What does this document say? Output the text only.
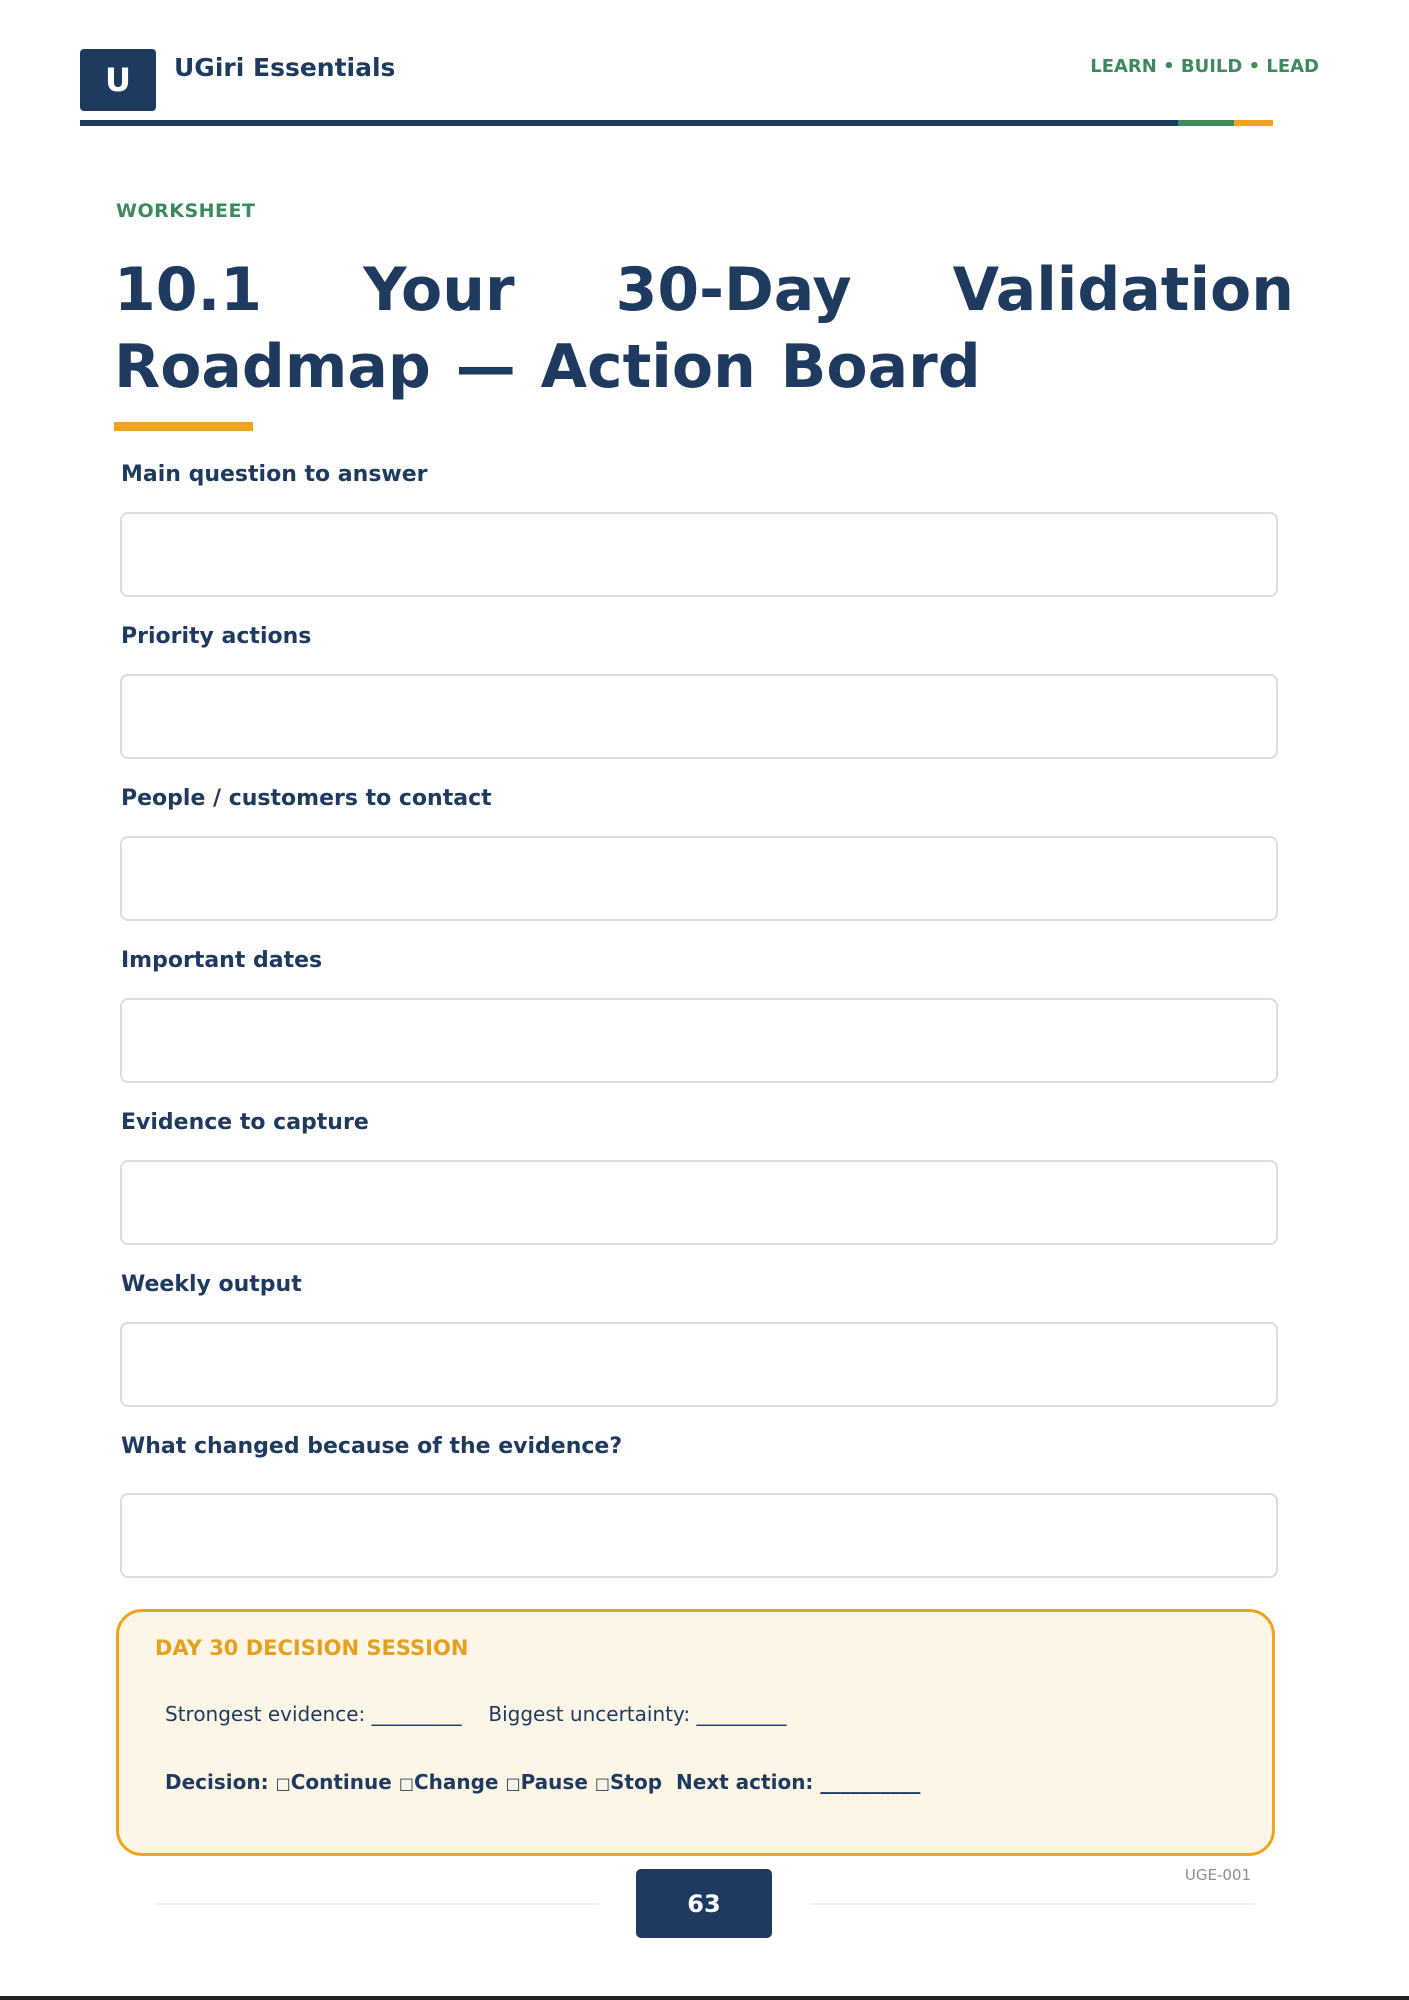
U	UGiri Essentials	LEARN • BUILD • LEAD
WORKSHEET
10.1 Your 30-Day Validation Roadmap — Action Board
Main question to answer
Priority actions
People / customers to contact
Important dates
Evidence to capture
Weekly output
What changed because of the evidence?
DAY 30 DECISION SESSION
Strongest evidence: _________ Biggest uncertainty: _________
Decision: □Continue □Change □Pause □Stop Next action: __________
63
UGE-001
